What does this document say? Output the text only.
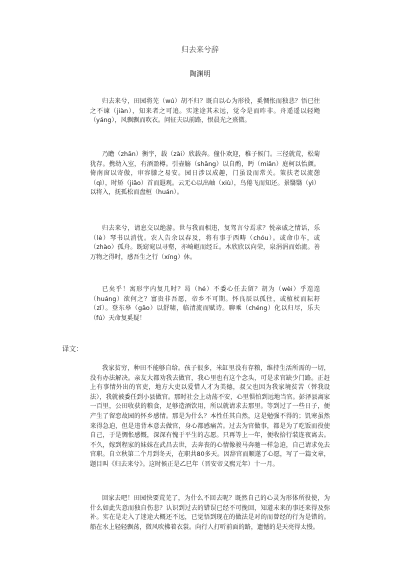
归去来兮辞
陶渊明

归去来兮，田园将芜（wú）胡不归？既自以心为形役，奚惆怅而独悲？悟已往之不谏（jiàn），知来者之可追。实迷途其未远，觉今是而昨非。舟遥遥以轻飏（yáng），风飘飘而吹衣。问征夫以前路，恨晨光之熹微。

乃瞻（zhān）衡宇，载（zài）欣载奔。僮仆欢迎，稚子候门。三径就荒，松菊犹存。携幼入室，有酒盈樽。引壶觞（shāng）以自酌，眄（miǎn）庭柯以怡颜。倚南窗以寄傲，审容膝之易安。园日涉以成趣，门虽设而常关。策扶老以流憩（qì），时矫（jiǎo）首而遐观。云无心以出岫（xiù），鸟倦飞而知还。景翳翳（yì）以将入，抚孤松而盘桓（huán）。

归去来兮，请息交以绝游。世与我而相违，复驾言兮焉求？悦亲戚之情话，乐（lè）琴书以消忧。农人告余以春及，将有事于西畴（chóu）。或命巾车，或（zhào）孤舟。既窈窕以寻壑，亦崎岖而经丘。木欣欣以向荣，泉涓涓而始流。善万物之得时，感吾生之行（xíng）休。

已矣乎！寓形宇内复几时？曷（hé）不委心任去留？胡为（wèi）乎遑遑（huáng）欲何之？富贵非吾愿，帝乡不可期。怀良辰以孤往，或植杖而耘耔（zǐ）。登东皋（gāo）以舒啸，临清流而赋诗。聊乘（chéng）化以归尽，乐夫（fú）天命复奚疑！

译文：

我家贫穷，种田不能够自给。孩子很多，米缸里没有存粮，维持生活所需的一切，没有办法解决。亲友大都劝我去做官，我心里也有这个念头，可是求官缺少门路。正赶上有事情外出的官吏，地方大吏以爱惜人才为美德，叔父也因为我家境贫苦（替我设法），我就被委任到小县做官。那时社会上动荡不安，心里惧怕到远地当官。彭泽县离家一百里，公田收获的粮食，足够造酒饮用，所以就请求去那里。等到过了一些日子，便产生了留恋故园的怀乡感情。那是为什么？本性任其自然，这是勉强不得的；饥寒虽然来得急迫，但是违背本意去做官，身心都感痛苦。过去为官做事，都是为了吃饭而役使自己，于是惆怅感慨，深深有愧于平生的志愿。只再等上一年，便收拾行装连夜离去。不久，嫁到程家的妹妹在武昌去世，去奔丧的心情像骏马奔驰一样急迫，自己请求免去官职。自立秋第二个月到冬天，在职共80多天。因辞官而顺遂了心愿，写了一篇文章，题目叫《归去来兮》。这时候正是乙巳年（晋安帝义熙元年）十一月。

回家去吧！田园快要荒芜了，为什么不回去呢？既然自己的心灵为形体所役使，为什么如此失意而独自伤悲？认识到过去的错误已经不可挽回，知道未来的事还来得及弥补。实在是走入了迷途大概还不远，已觉悟到现在的做法是对的而曾经的行为是错的。船在水上轻轻飘荡，微风吹拂着衣裳。向行人打听前面的路，遗憾的是天亮得太慢。
